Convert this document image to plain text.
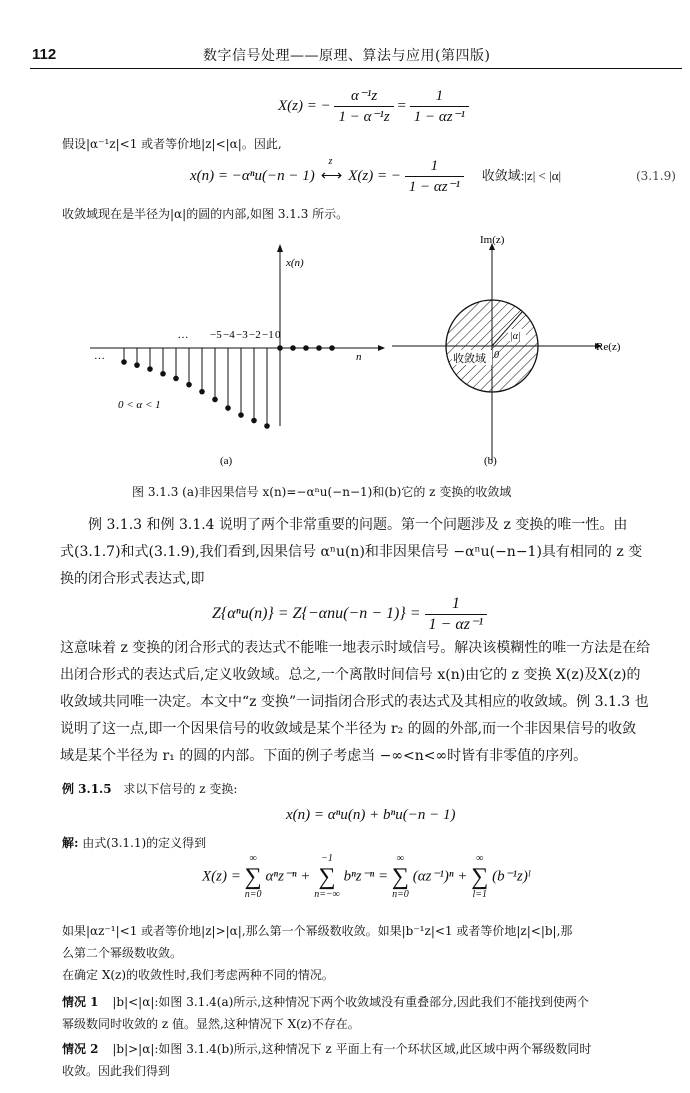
112	数字信号处理——原理、算法与应用(第四版)
X(z) = − $\frac{\text{α⁻¹z}}{\text{1 − α⁻¹z}} = \frac{1}{\text{1 − αz⁻¹}}$
假设|α⁻¹z|<1 或者等价地|z|<|α|。因此,
x(n) = −αⁿu(−n − 1)
z
⟷ X(z) = − $\frac{1}{\text{1 − αz⁻¹}}$ 收敛域:|z| < |α|	(3.1.9)
收敛域现在是半径为|α|的圆的内部,如图 3.1.3 所示。
x(n)
n
… −5 −4 −3 −2 −1 0
…
0 < α < 1
(a)
Im(z)
Re(z)
|α|
0
收敛域
(b)
图 3.1.3 (a)非因果信号 x(n)=−αⁿu(−n−1)和(b)它的 z 变换的收敛域
例 3.1.3 和例 3.1.4 说明了两个非常重要的问题。第一个问题涉及 z 变换的唯一性。由
式(3.1.7)和式(3.1.9),我们看到,因果信号 αⁿu(n)和非因果信号 −αⁿu(−n−1)具有相同的 z 变
换的闭合形式表达式,即
$Z\{\alpha^nu(n)\} = Z\{-\alpha nu(-n - 1)\} = \frac{1}{\text{1 − αz⁻¹}}$
这意味着 z 变换的闭合形式的表达式不能唯一地表示时域信号。解决该模糊性的唯一方法是在给
出闭合形式的表达式后,定义收敛域。总之,一个离散时间信号 x(n)由它的 z 变换 X(z)及X(z)的
收敛域共同唯一决定。本文中“z 变换”一词指闭合形式的表达式及其相应的收敛域。例 3.1.3 也
说明了这一点,即一个因果信号的收敛域是某个半径为 r₂ 的圆的外部,而一个非因果信号的收敛
域是某个半径为 r₁ 的圆的内部。下面的例子考虑当 −∞<n<∞时皆有非零值的序列。
例 3.1.5 求以下信号的 z 变换:
x(n) = αⁿu(n) + bⁿu(−n − 1)
解: 由式(3.1.1)的定义得到
X(z) =
∞
∑
n=0
αⁿz⁻ⁿ +
−1
∑
n=−∞
bⁿz⁻ⁿ =
∞
∑
n=0
(αz⁻¹)ⁿ +
∞
∑
l=1
(b⁻¹z)ˡ
如果|αz⁻¹|<1 或者等价地|z|>|α|,那么第一个幂级数收敛。如果|b⁻¹z|<1 或者等价地|z|<|b|,那
么第二个幂级数收敛。
在确定 X(z)的收敛性时,我们考虑两种不同的情况。
情况 1 |b|<|α|:如图 3.1.4(a)所示,这种情况下两个收敛域没有重叠部分,因此我们不能找到使两个
幂级数同时收敛的 z 值。显然,这种情况下 X(z)不存在。
情况 2 |b|>|α|:如图 3.1.4(b)所示,这种情况下 z 平面上有一个环状区域,此区域中两个幂级数同时
收敛。因此我们得到
